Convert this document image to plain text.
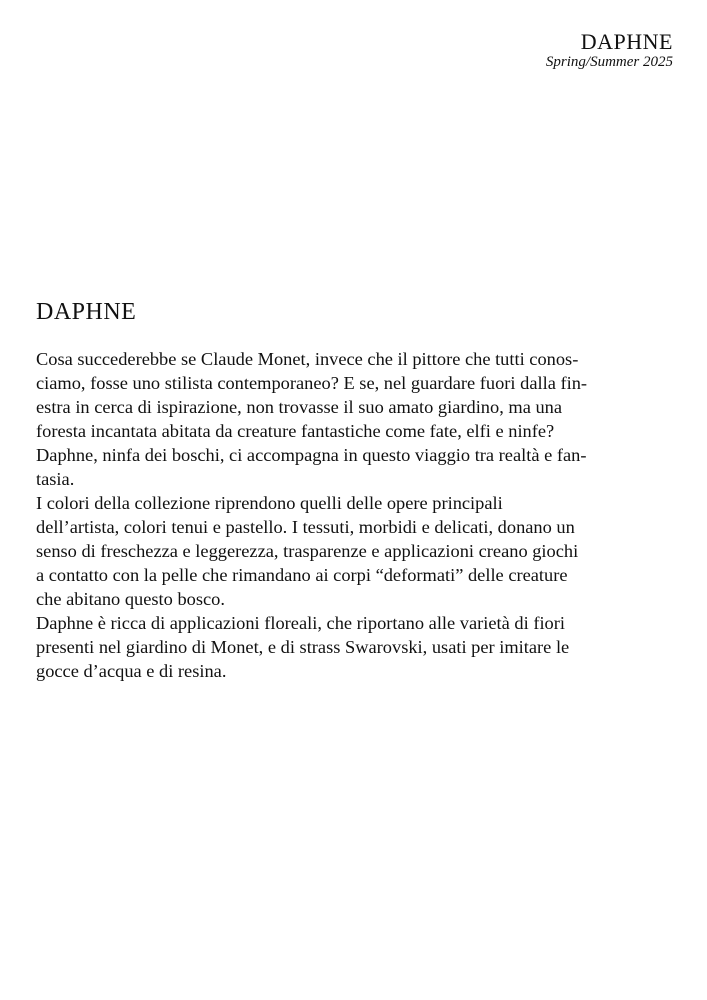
DAPHNE
Spring/Summer 2025
DAPHNE

Cosa succederebbe se Claude Monet, invece che il pittore che tutti conos-
ciamo, fosse uno stilista contemporaneo? E se, nel guardare fuori dalla fin-
estra in cerca di ispirazione, non trovasse il suo amato giardino, ma una
foresta incantata abitata da creature fantastiche come fate, elfi e ninfe?
Daphne, ninfa dei boschi, ci accompagna in questo viaggio tra realtà e fan-
tasia.

I colori della collezione riprendono quelli delle opere principali
dell’artista, colori tenui e pastello. I tessuti, morbidi e delicati, donano un
senso di freschezza e leggerezza, trasparenze e applicazioni creano giochi
a contatto con la pelle che rimandano ai corpi “deformati” delle creature
che abitano questo bosco.

Daphne è ricca di applicazioni floreali, che riportano alle varietà di fiori
presenti nel giardino di Monet, e di strass Swarovski, usati per imitare le
gocce d’acqua e di resina.
